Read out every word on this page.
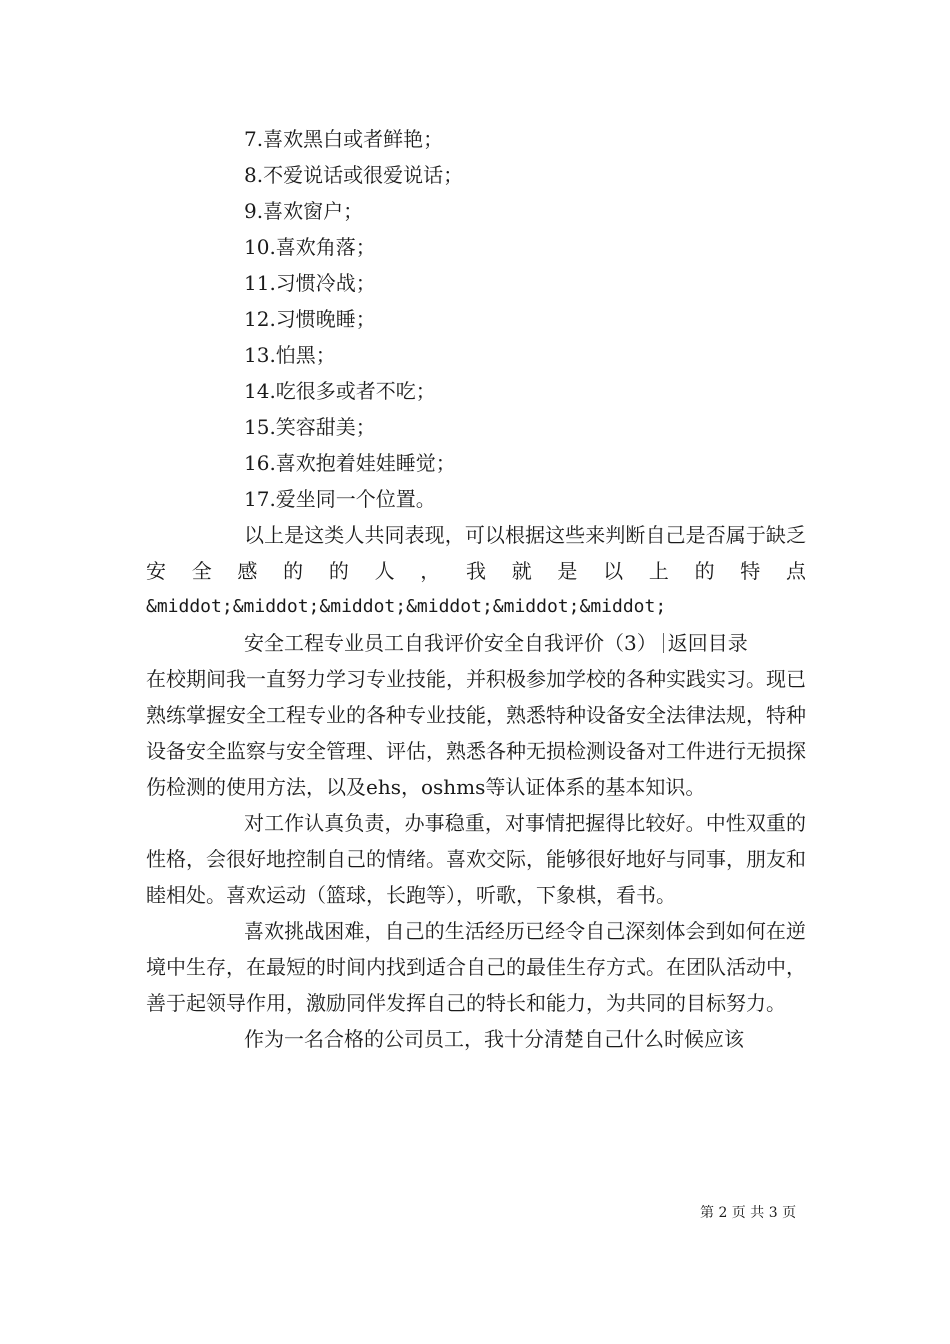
7.喜欢黑白或者鲜艳；
8.不爱说话或很爱说话；
9.喜欢窗户；
10.喜欢角落；
11.习惯冷战；
12.习惯晚睡；
13.怕黑；
14.吃很多或者不吃；
15.笑容甜美；
16.喜欢抱着娃娃睡觉；
17.爱坐同一个位置。

以上是这类人共同表现，可以根据这些来判断自己是否属于缺乏安全感的的人，我就是以上的特点

&middot;&middot;&middot;&middot;&middot;&middot;

安全工程专业员工自我评价安全自我评价（3） 返回目录

在校期间我一直努力学习专业技能，并积极参加学校的各种实践实习。现已熟练掌握安全工程专业的各种专业技能，熟悉特种设备安全法律法规，特种设备安全监察与安全管理、评估，熟悉各种无损检测设备对工件进行无损探伤检测的使用方法，以及ehs，oshms等认证体系的基本知识。

对工作认真负责，办事稳重，对事情把握得比较好。中性双重的性格，会很好地控制自己的情绪。喜欢交际，能够很好地好与同事，朋友和睦相处。喜欢运动（篮球，长跑等），听歌，下象棋，看书。

喜欢挑战困难，自己的生活经历已经令自己深刻体会到如何在逆境中生存，在最短的时间内找到适合自己的最佳生存方式。在团队活动中，善于起领导作用，激励同伴发挥自己的特长和能力，为共同的目标努力。

作为一名合格的公司员工，我十分清楚自己什么时候应该

第 2 页 共 3 页
